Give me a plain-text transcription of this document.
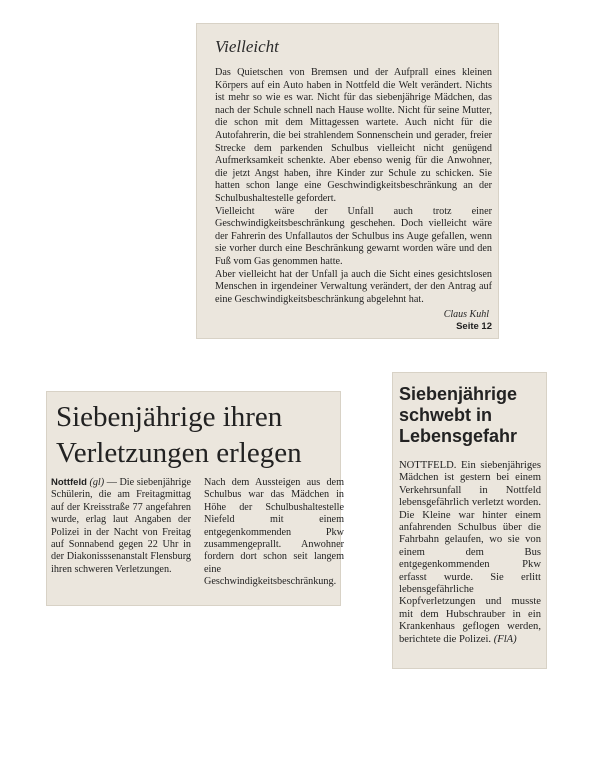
Vielleicht

Das Quietschen von Bremsen und der Aufprall eines kleinen Körpers auf ein Auto haben in Nottfeld die Welt verändert. Nichts ist mehr so wie es war. Nicht für das siebenjährige Mädchen, das nach der Schule schnell nach Hause wollte. Nicht für seine Mutter, die schon mit dem Mittagessen wartete. Auch nicht für die Autofahrerin, die bei strahlendem Sonnenschein und gerader, freier Strecke dem parkenden Schulbus vielleicht nicht genügend Aufmerksamkeit schenkte. Aber ebenso wenig für die Anwohner, die jetzt Angst haben, ihre Kinder zur Schule zu schicken. Sie hatten schon lange eine Geschwindigkeitsbeschränkung an der Schulbushaltestelle gefordert.

Vielleicht wäre der Unfall auch trotz einer Geschwindigkeitsbeschränkung geschehen. Doch vielleicht wäre der Fahrerin des Unfallautos der Schulbus ins Auge gefallen, wenn sie vorher durch eine Beschränkung gewarnt worden wäre und den Fuß vom Gas genommen hatte.

Aber vielleicht hat der Unfall ja auch die Sicht eines gesichtslosen Menschen in irgendeiner Verwaltung verändert, der den Antrag auf eine Geschwindigkeitsbeschränkung abgelehnt hat.

Claus Kuhl
Seite 12
Siebenjährige ihren Verletzungen erlegen

Nottfeld (gl) — Die siebenjährige Schülerin, die am Freitagmittag auf der Kreisstraße 77 angefahren wurde, erlag laut Angaben der Polizei in der Nacht von Freitag auf Sonnabend gegen 22 Uhr in der Diakonisssenanstalt Flensburg ihren schweren Verletzungen.

Nach dem Aussteigen aus dem Schulbus war das Mädchen in Höhe der Schulbushaltestelle Niefeld mit einem entgegenkommenden Pkw zusammengeprallt. Anwohner fordern dort schon seit langem eine Geschwindigkeitsbeschränkung.

Siebenjährige schwebt in Lebensgefahr

NOTTFELD. Ein siebenjähriges Mädchen ist gestern bei einem Verkehrsunfall in Nottfeld lebensgefährlich verletzt worden. Die Kleine war hinter einem anfahrenden Schulbus über die Fahrbahn gelaufen, wo sie von einem dem Bus entgegenkommenden Pkw erfasst wurde. Sie erlitt lebensgefährliche Kopfverletzungen und musste mit dem Hubschrauber in ein Krankenhaus geflogen werden, berichtete die Polizei. (FlA)
